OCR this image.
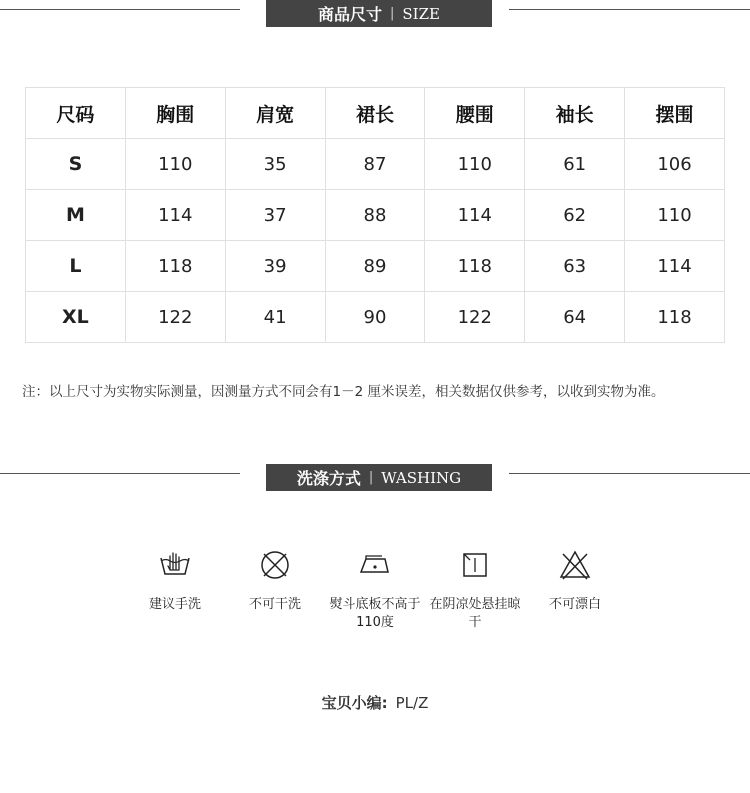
商品尺寸 | SIZE
尺码	胸围	肩宽	裙长	腰围	袖长	摆围
S	110	35	87	110	61	106
M	114	37	88	114	62	110
L	118	39	89	118	63	114
XL	122	41	90	122	64	118
注：以上尺寸为实物实际测量，因测量方式不同会有1－2 厘米误差，相关数据仅供参考，以收到实物为准。
洗涤方式 | WASHING
建议手洗	不可干洗	熨斗底板不高于110度
在阴凉处悬挂晾干
不可漂白
宝贝小编: PL/Z
